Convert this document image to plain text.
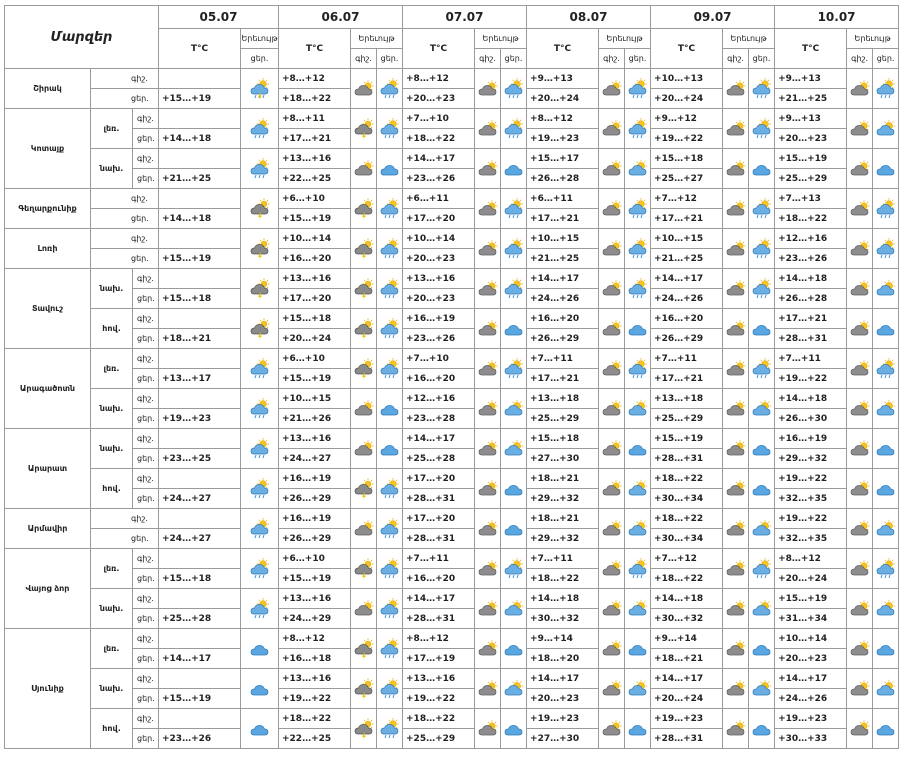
Մարզեր			05.07		06.07			07.07			08.07			09.07			10.07		
			T°C	Երեւույթ	T°C	Երեւույթ		T°C	Երեւույթ		T°C	Երեւույթ		T°C	Երեւույթ		T°C	Երեւույթ	
				ցեր.		գիշ.	ցեր.		գիշ.	ցեր.		գիշ.	ցեր.		գիշ.	ցեր.		գիշ.	ցեր.
Շիրակ	գիշ.				+8…+12			+8…+12			+9…+13			+10…+13			+9…+13	

	ցեր.		+15…+19		+18…+22			+20…+23			+20…+24			+20…+24			+21…+25		
Կոտայք	լեռ.	գիշ.			+8…+11			+7…+10			+8…+12			+9…+12			+9…+13	

		ցեր.	+14…+18		+17…+21			+18…+22			+19…+23			+19…+22			+20…+23		
	նախ.	գիշ.			+13…+16			+14…+17			+15…+17			+15…+18			+15…+19	

		ցեր.	+21…+25		+22…+25			+23…+26			+26…+28			+25…+27			+25…+29		
Գեղարքունիք	գիշ.				+6…+10			+6…+11			+6…+11			+7…+12			+7…+13	

	ցեր.		+14…+18		+15…+19			+17…+20			+17…+21			+17…+21			+18…+22		
Լոռի	գիշ.				+10…+14			+10…+14			+10…+15			+10…+15			+12…+16	

	ցեր.		+15…+19		+16…+20			+20…+23			+21…+25			+21…+25			+23…+26		
Տավուշ	նախ.	գիշ.			+13…+16			+13…+16			+14…+17			+14…+17			+14…+18	

		ցեր.	+15…+18		+17…+20			+20…+23			+24…+26			+24…+26			+26…+28		
	հով.	գիշ.			+15…+18			+16…+19			+16…+20			+16…+20			+17…+21	

		ցեր.	+18…+21		+20…+24			+23…+26			+26…+29			+26…+29			+28…+31		
Արագածոտն	լեռ.	գիշ.			+6…+10			+7…+10			+7…+11			+7…+11			+7…+11	

		ցեր.	+13…+17		+15…+19			+16…+20			+17…+21			+17…+21			+19…+22		
	նախ.	գիշ.			+10…+15			+12…+16			+13…+18			+13…+18			+14…+18	

		ցեր.	+19…+23		+21…+26			+23…+28			+25…+29			+25…+29			+26…+30		
Արարատ	նախ.	գիշ.			+13…+16			+14…+17			+15…+18			+15…+19			+16…+19	

		ցեր.	+23…+25		+24…+27			+25…+28			+27…+30			+28…+31			+29…+32		
	հով.	գիշ.			+16…+19			+17…+20			+18…+21			+18…+22			+19…+22	

		ցեր.	+24…+27		+26…+29			+28…+31			+29…+32			+30…+34			+32…+35		
Արմավիր	գիշ.				+16…+19			+17…+20			+18…+21			+18…+22			+19…+22	

	ցեր.		+24…+27		+26…+29			+28…+31			+29…+32			+30…+34			+32…+35		
Վայոց ձոր	լեռ.	գիշ.			+6…+10			+7…+11			+7…+11			+7…+12			+8…+12	

		ցեր.	+15…+18		+15…+19			+16…+20			+18…+22			+18…+22			+20…+24		
	նախ.	գիշ.			+13…+16			+14…+17			+14…+18			+14…+18			+15…+19	

		ցեր.	+25…+28		+24…+29			+28…+31			+30…+32			+30…+32			+31…+34		
Սյունիք	լեռ.	գիշ.			+8…+12			+8…+12			+9…+14			+9…+14			+10…+14	

		ցեր.	+14…+17		+16…+18			+17…+19			+18…+20			+18…+21			+20…+23		
	նախ.	գիշ.			+13…+16			+13…+16			+14…+17			+14…+17			+14…+17	

		ցեր.	+15…+19		+19…+22			+19…+22			+20…+23			+20…+24			+24…+26		
	հով.	գիշ.			+18…+22			+18…+22			+19…+23			+19…+23			+19…+23	

		ցեր.	+23…+26		+22…+25			+25…+29			+27…+30			+28…+31			+30…+33		
